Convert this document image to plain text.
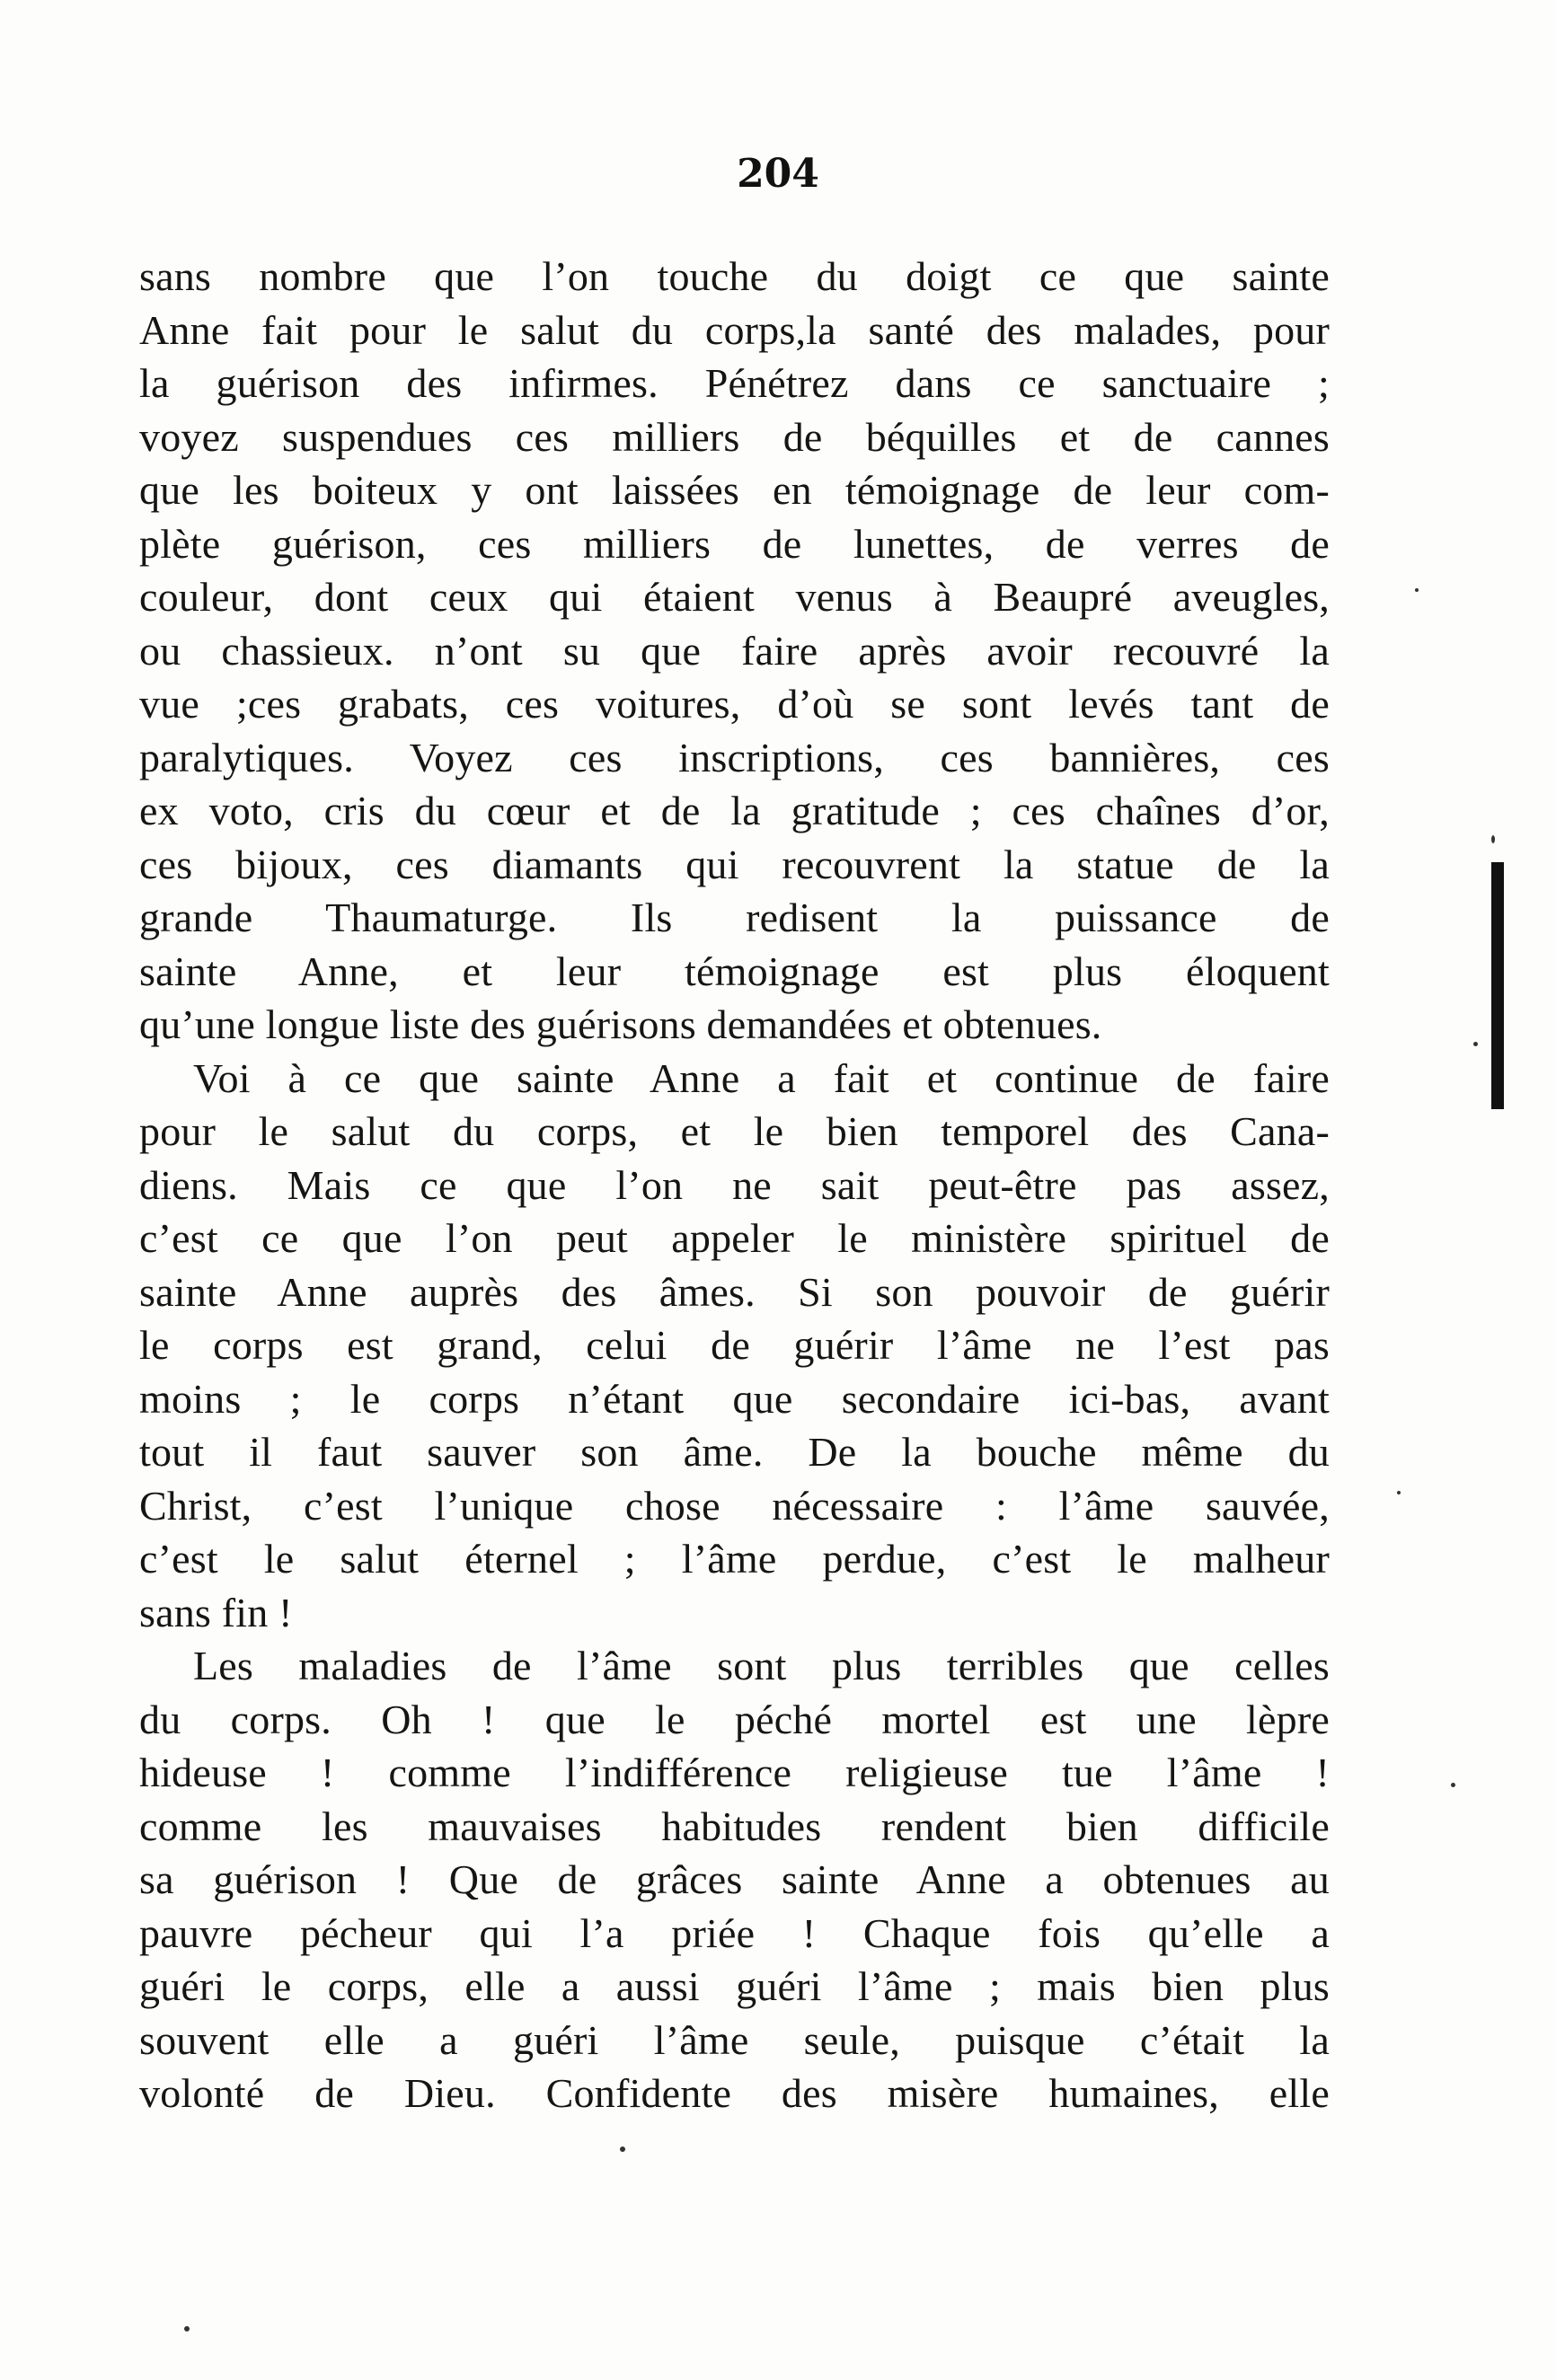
204
sans nombre que l’on touche du doigt ce que sainte
Anne fait pour le salut du corps,la santé des malades, pour
la guérison des infirmes. Pénétrez dans ce sanctuaire ;
voyez suspendues ces milliers de béquilles et de cannes
que les boiteux y ont laissées en témoignage de leur com-
plète guérison, ces milliers de lunettes, de verres de
couleur, dont ceux qui étaient venus à Beaupré aveugles,
ou chassieux. n’ont su que faire après avoir recouvré la
vue ;ces grabats, ces voitures, d’où se sont levés tant de
paralytiques. Voyez ces inscriptions, ces bannières, ces
ex voto, cris du cœur et de la gratitude ; ces chaînes d’or,
ces bijoux, ces diamants qui recouvrent la statue de la
grande Thaumaturge. Ils redisent la puissance de
sainte Anne, et leur témoignage est plus éloquent
qu’une longue liste des guérisons demandées et obtenues.
Voi à ce que sainte Anne a fait et continue de faire
pour le salut du corps, et le bien temporel des Cana-
diens. Mais ce que l’on ne sait peut-être pas assez,
c’est ce que l’on peut appeler le ministère spirituel de
sainte Anne auprès des âmes. Si son pouvoir de guérir
le corps est grand, celui de guérir l’âme ne l’est pas
moins ; le corps n’étant que secondaire ici-bas, avant
tout il faut sauver son âme. De la bouche même du
Christ, c’est l’unique chose nécessaire : l’âme sauvée,
c’est le salut éternel ; l’âme perdue, c’est le malheur
sans fin !
Les maladies de l’âme sont plus terribles que celles
du corps. Oh ! que le péché mortel est une lèpre
hideuse ! comme l’indifférence religieuse tue l’âme !
comme les mauvaises habitudes rendent bien difficile
sa guérison ! Que de grâces sainte Anne a obtenues au
pauvre pécheur qui l’a priée ! Chaque fois qu’elle a
guéri le corps, elle a aussi guéri l’âme ; mais bien plus
souvent elle a guéri l’âme seule, puisque c’était la
volonté de Dieu. Confidente des misère humaines, elle
